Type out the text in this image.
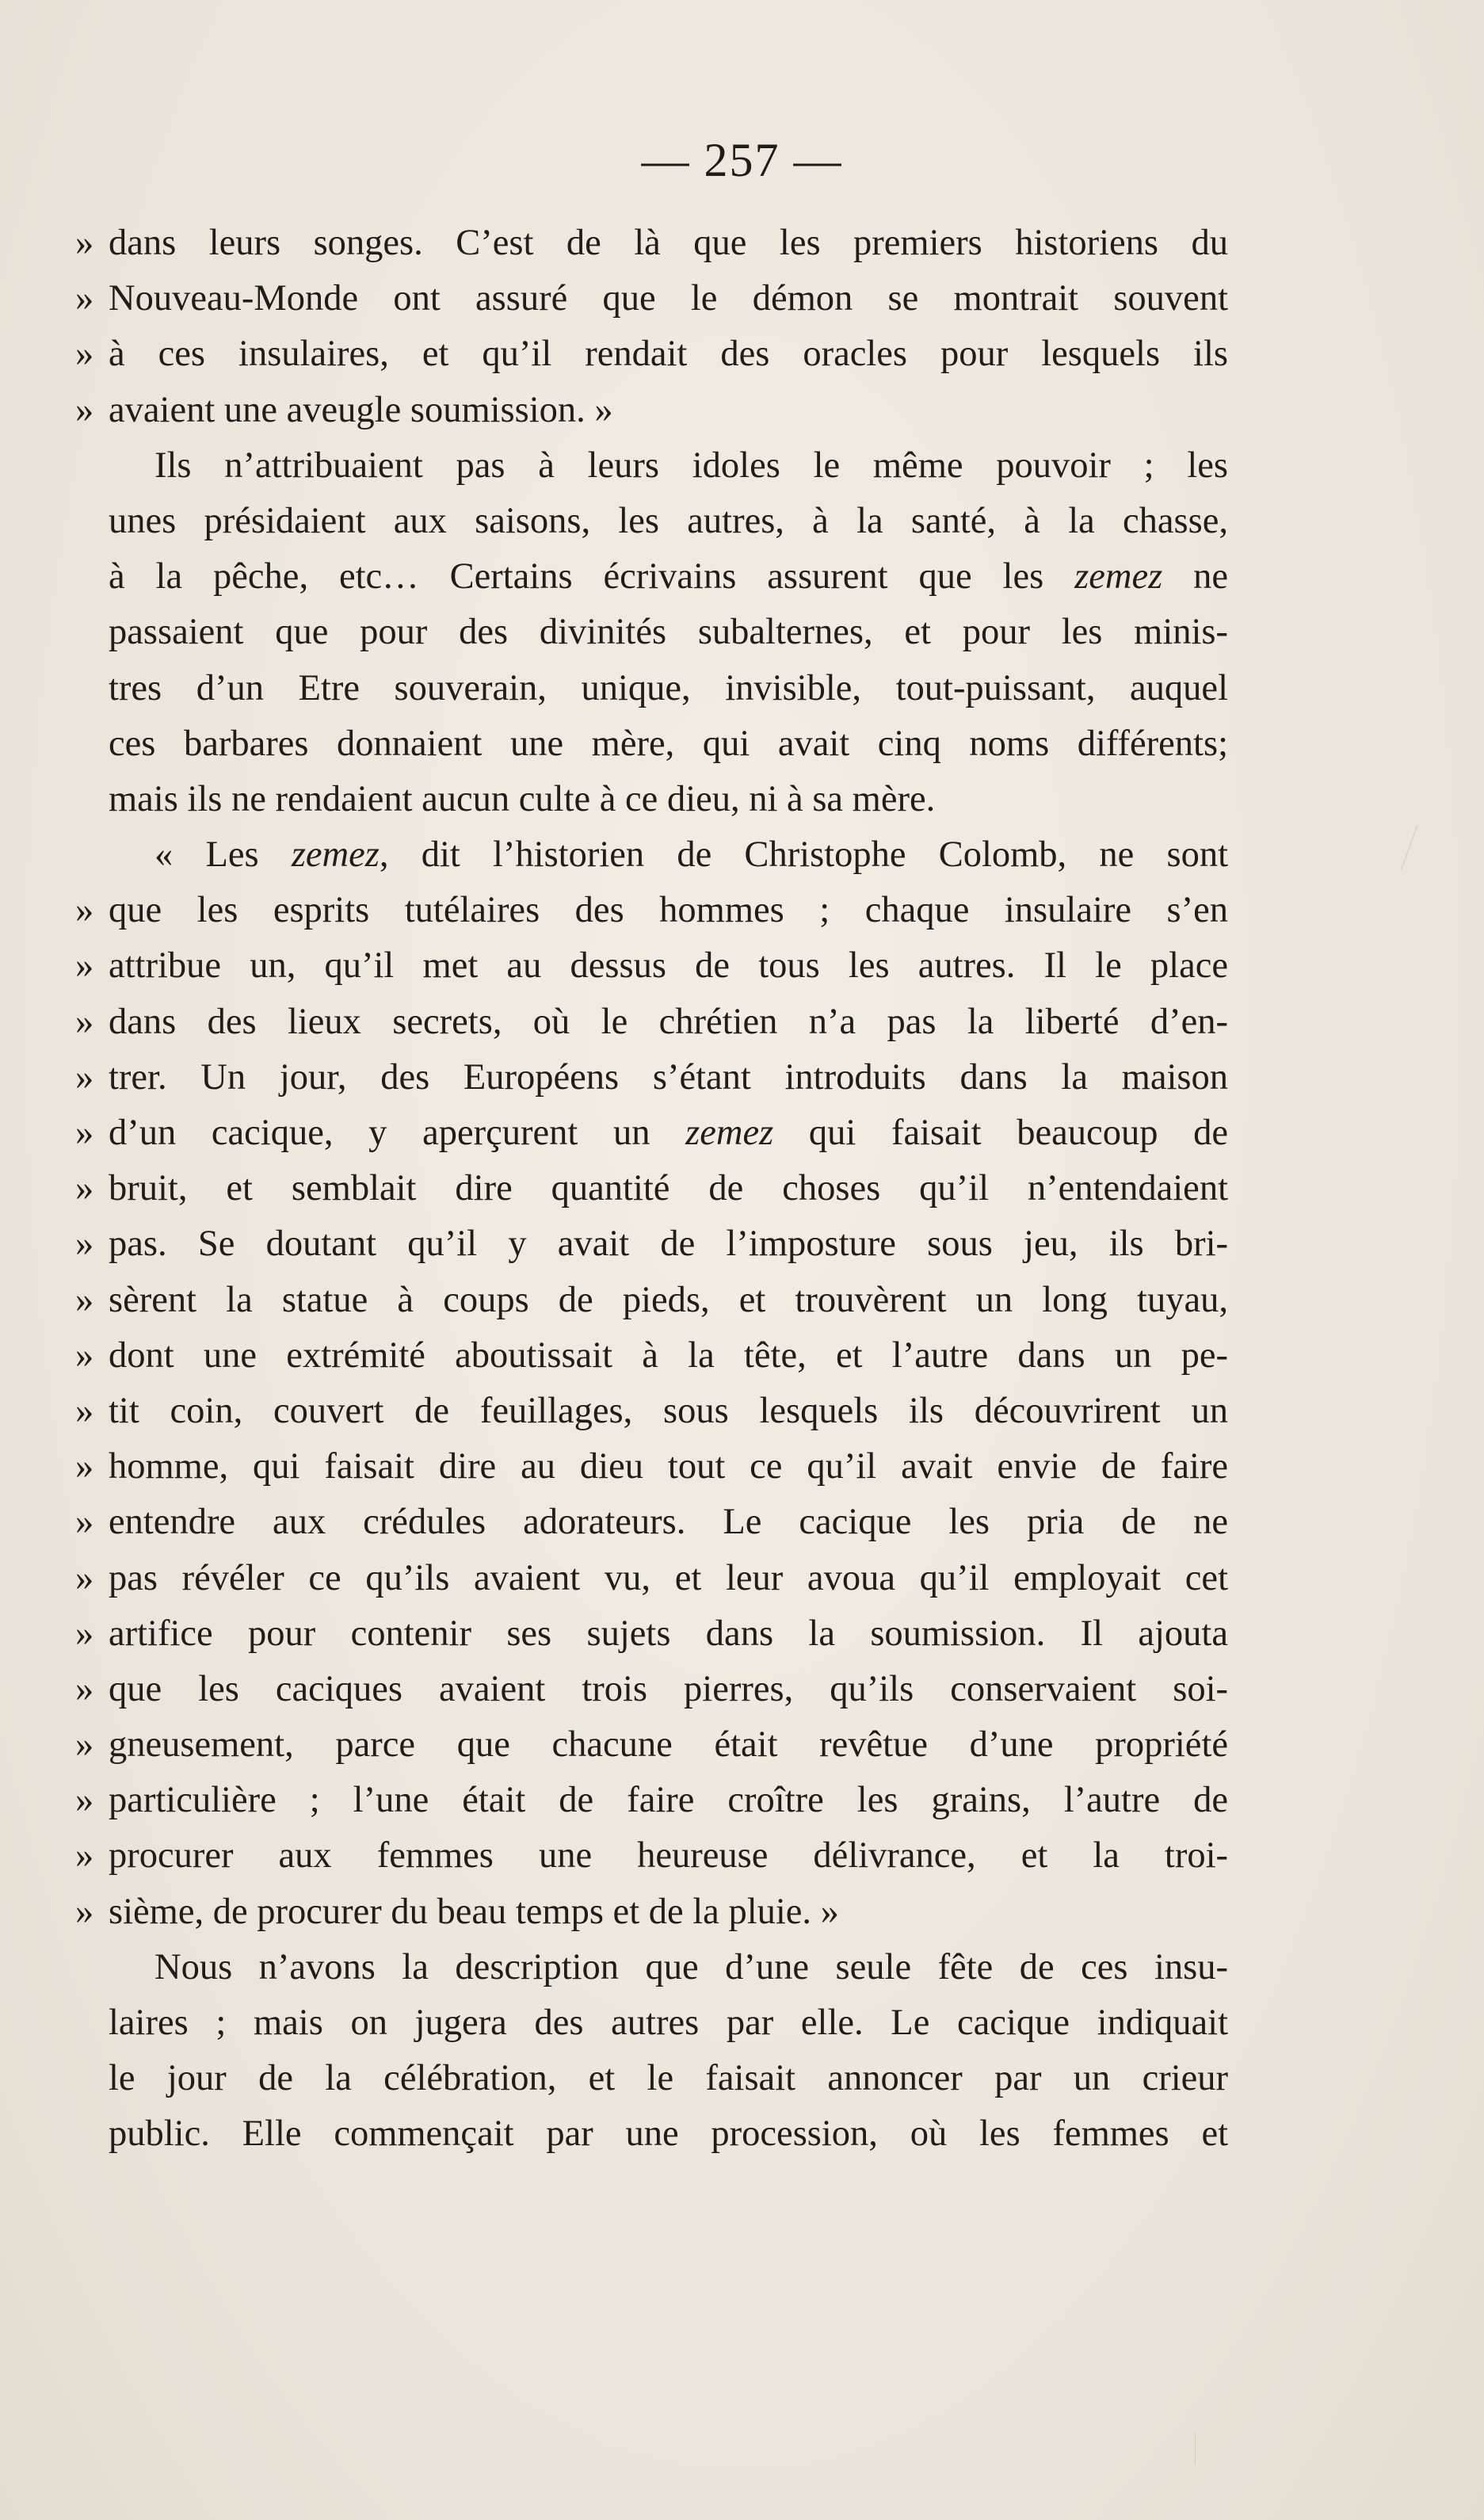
— 257 —
» dans leurs songes. C’est de là que les premiers historiens du
» Nouveau-Monde ont assuré que le démon se montrait souvent
» à ces insulaires, et qu’il rendait des oracles pour lesquels ils
» avaient une aveugle soumission. »
Ils n’attribuaient pas à leurs idoles le même pouvoir ; les
unes présidaient aux saisons, les autres, à la santé, à la chasse,
à la pêche, etc… Certains écrivains assurent que les zemez ne
passaient que pour des divinités subalternes, et pour les minis-
tres d’un Etre souverain, unique, invisible, tout-puissant, auquel
ces barbares donnaient une mère, qui avait cinq noms différents;
mais ils ne rendaient aucun culte à ce dieu, ni à sa mère.
« Les zemez, dit l’historien de Christophe Colomb, ne sont
» que les esprits tutélaires des hommes ; chaque insulaire s’en
» attribue un, qu’il met au dessus de tous les autres. Il le place
» dans des lieux secrets, où le chrétien n’a pas la liberté d’en-
» trer. Un jour, des Européens s’étant introduits dans la maison
» d’un cacique, y aperçurent un zemez qui faisait beaucoup de
» bruit, et semblait dire quantité de choses qu’il n’entendaient
» pas. Se doutant qu’il y avait de l’imposture sous jeu, ils bri-
» sèrent la statue à coups de pieds, et trouvèrent un long tuyau,
» dont une extrémité aboutissait à la tête, et l’autre dans un pe-
» tit coin, couvert de feuillages, sous lesquels ils découvrirent un
» homme, qui faisait dire au dieu tout ce qu’il avait envie de faire
» entendre aux crédules adorateurs. Le cacique les pria de ne
» pas révéler ce qu’ils avaient vu, et leur avoua qu’il employait cet
» artifice pour contenir ses sujets dans la soumission. Il ajouta
» que les caciques avaient trois pierres, qu’ils conservaient soi-
» gneusement, parce que chacune était revêtue d’une propriété
» particulière ; l’une était de faire croître les grains, l’autre de
» procurer aux femmes une heureuse délivrance, et la troi-
» sième, de procurer du beau temps et de la pluie. »
Nous n’avons la description que d’une seule fête de ces insu-
laires ; mais on jugera des autres par elle. Le cacique indiquait
le jour de la célébration, et le faisait annoncer par un crieur
public. Elle commençait par une procession, où les femmes et
